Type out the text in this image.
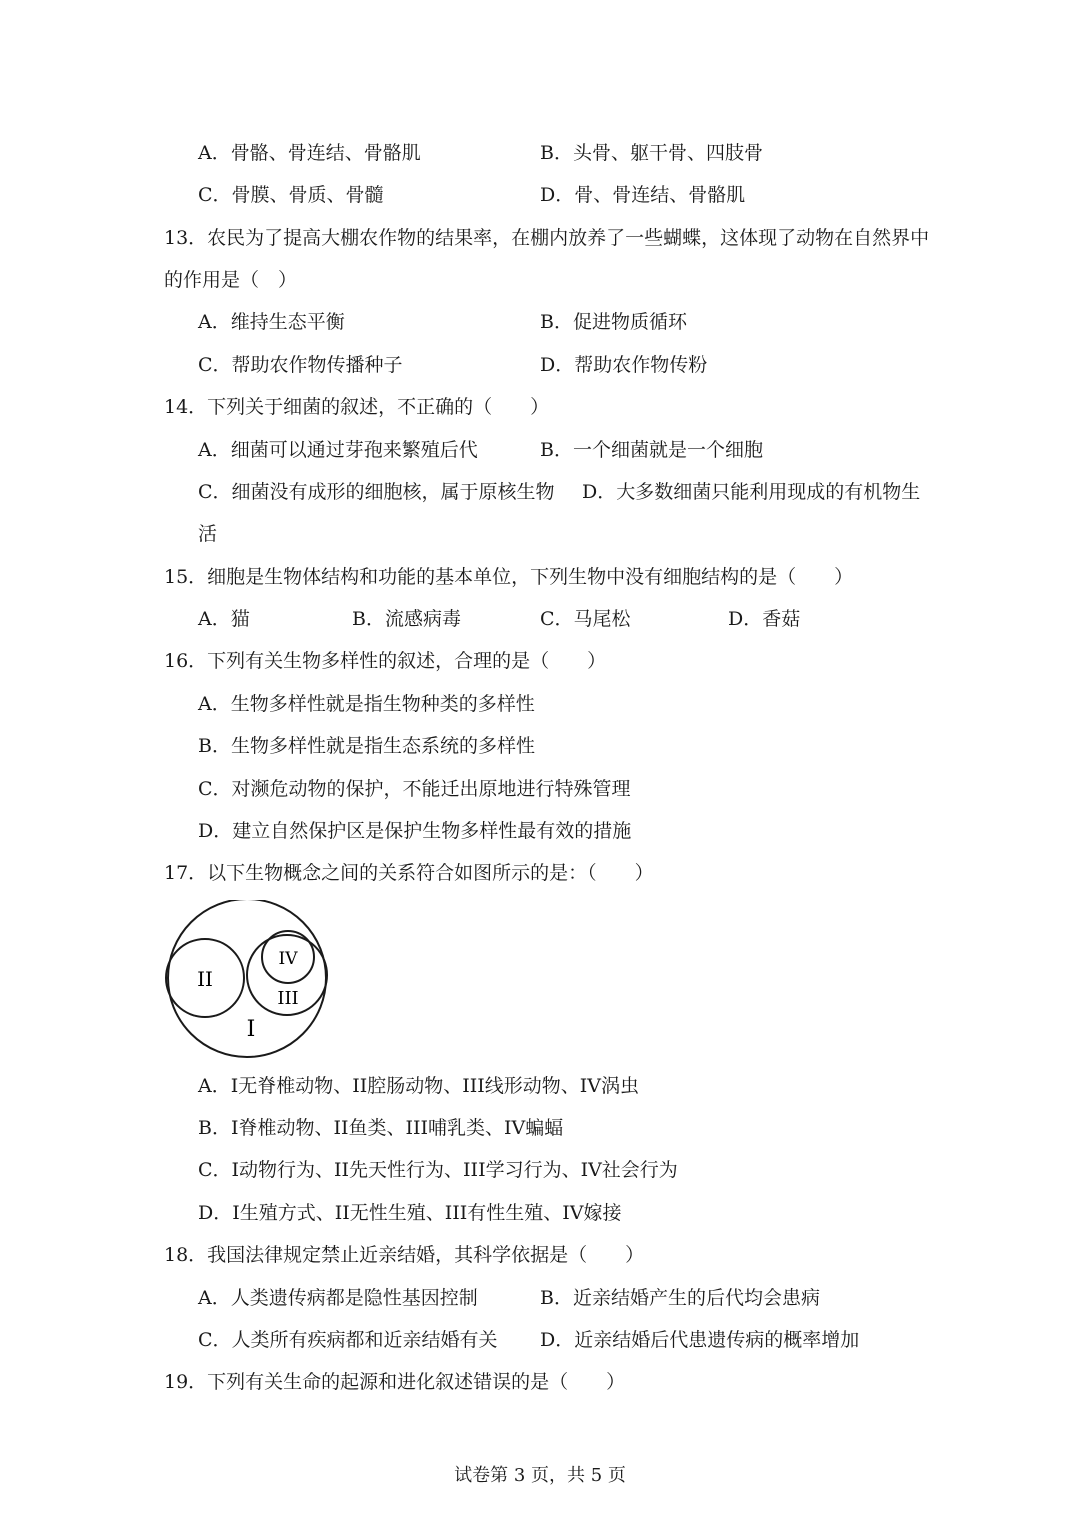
A．骨骼、骨连结、骨骼肌	B．头骨、躯干骨、四肢骨
C．骨膜、骨质、骨髓	D．骨、骨连结、骨骼肌
13．农民为了提高大棚农作物的结果率，在棚内放养了一些蝴蝶，这体现了动物在自然界中
的作用是（　）
A．维持生态平衡	B．促进物质循环
C．帮助农作物传播种子	D．帮助农作物传粉
14．下列关于细菌的叙述，不正确的（　　）
A．细菌可以通过芽孢来繁殖后代	B．一个细菌就是一个细胞
C．细菌没有成形的细胞核，属于原核生物 D．大多数细菌只能利用现成的有机物生
活
15．细胞是生物体结构和功能的基本单位，下列生物中没有细胞结构的是（　　）
A．猫	B．流感病毒	C．马尾松	D．香菇
16．下列有关生物多样性的叙述，合理的是（　　）
A．生物多样性就是指生物种类的多样性
B．生物多样性就是指生态系统的多样性
C．对濒危动物的保护，不能迁出原地进行特殊管理
D．建立自然保护区是保护生物多样性最有效的措施
17．以下生物概念之间的关系符合如图所示的是：（　　）
I
II
III
IV
A．I无脊椎动物、II腔肠动物、III线形动物、IV涡虫
B．I脊椎动物、II鱼类、III哺乳类、IV蝙蝠
C．I动物行为、II先天性行为、III学习行为、IV社会行为
D．I生殖方式、II无性生殖、III有性生殖、IV嫁接
18．我国法律规定禁止近亲结婚，其科学依据是（　　）
A．人类遗传病都是隐性基因控制	B．近亲结婚产生的后代均会患病
C．人类所有疾病都和近亲结婚有关 D．近亲结婚后代患遗传病的概率增加
19．下列有关生命的起源和进化叙述错误的是（　　）
试卷第 3 页，共 5 页
